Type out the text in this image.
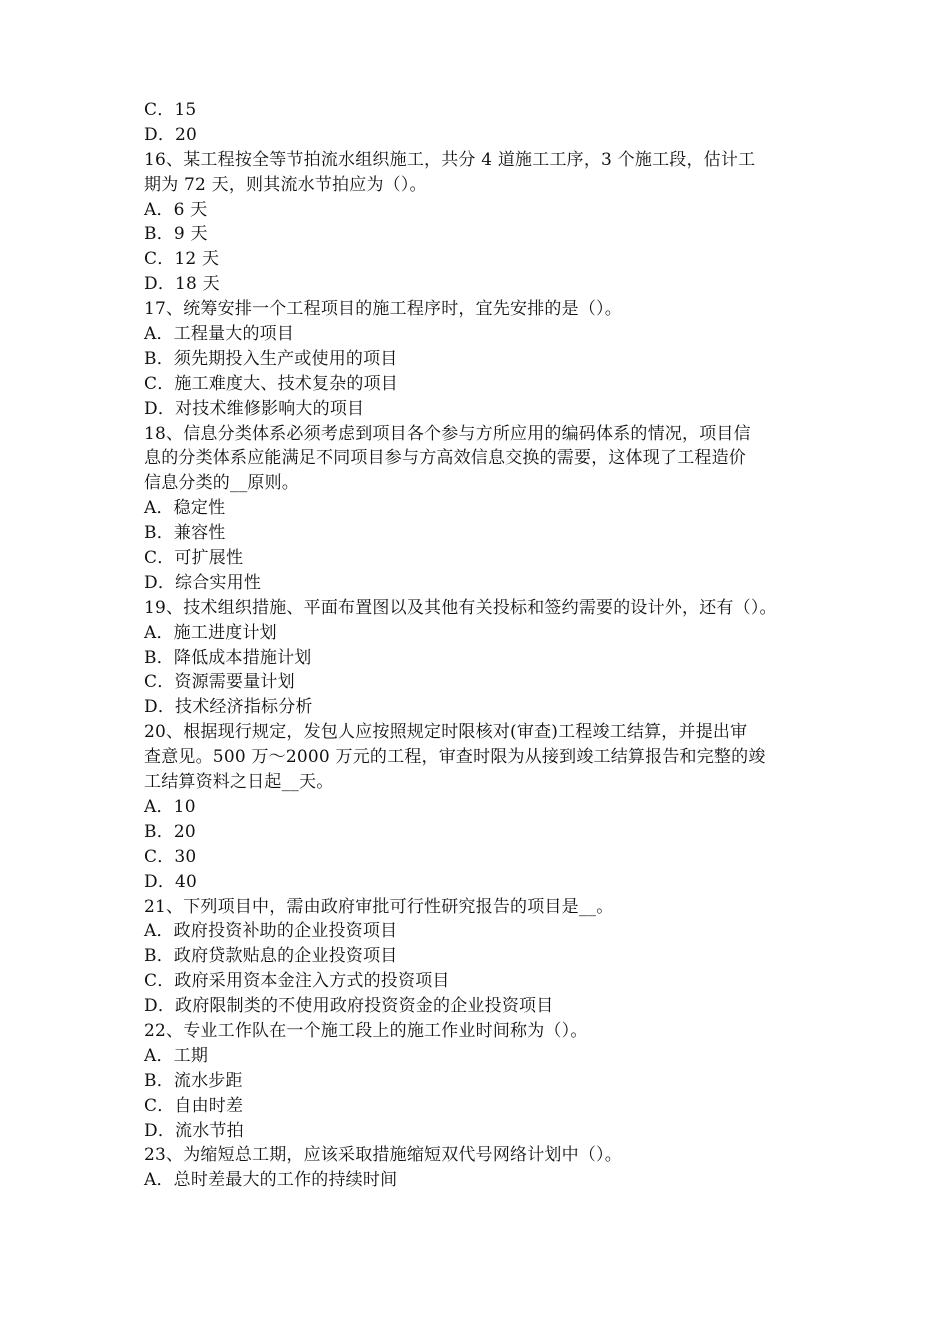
C．15
D．20
16、某工程按全等节拍流水组织施工，共分 4 道施工工序，3 个施工段，估计工
期为 72 天，则其流水节拍应为（）。
A．6 天
B．9 天
C．12 天
D．18 天
17、统筹安排一个工程项目的施工程序时，宜先安排的是（）。
A．工程量大的项目
B．须先期投入生产或使用的项目
C．施工难度大、技术复杂的项目
D．对技术维修影响大的项目
18、信息分类体系必须考虑到项目各个参与方所应用的编码体系的情况，项目信
息的分类体系应能满足不同项目参与方高效信息交换的需要，这体现了工程造价
信息分类的__原则。
A．稳定性
B．兼容性
C．可扩展性
D．综合实用性
19、技术组织措施、平面布置图以及其他有关投标和签约需要的设计外，还有（）。
A．施工进度计划
B．降低成本措施计划
C．资源需要量计划
D．技术经济指标分析
20、根据现行规定，发包人应按照规定时限核对(审查)工程竣工结算，并提出审
查意见。500 万～2000 万元的工程，审查时限为从接到竣工结算报告和完整的竣
工结算资料之日起__天。
A．10
B．20
C．30
D．40
21、下列项目中，需由政府审批可行性研究报告的项目是__。
A．政府投资补助的企业投资项目
B．政府贷款贴息的企业投资项目
C．政府采用资本金注入方式的投资项目
D．政府限制类的不使用政府投资资金的企业投资项目
22、专业工作队在一个施工段上的施工作业时间称为（）。
A．工期
B．流水步距
C．自由时差
D．流水节拍
23、为缩短总工期，应该采取措施缩短双代号网络计划中（）。
A．总时差最大的工作的持续时间
